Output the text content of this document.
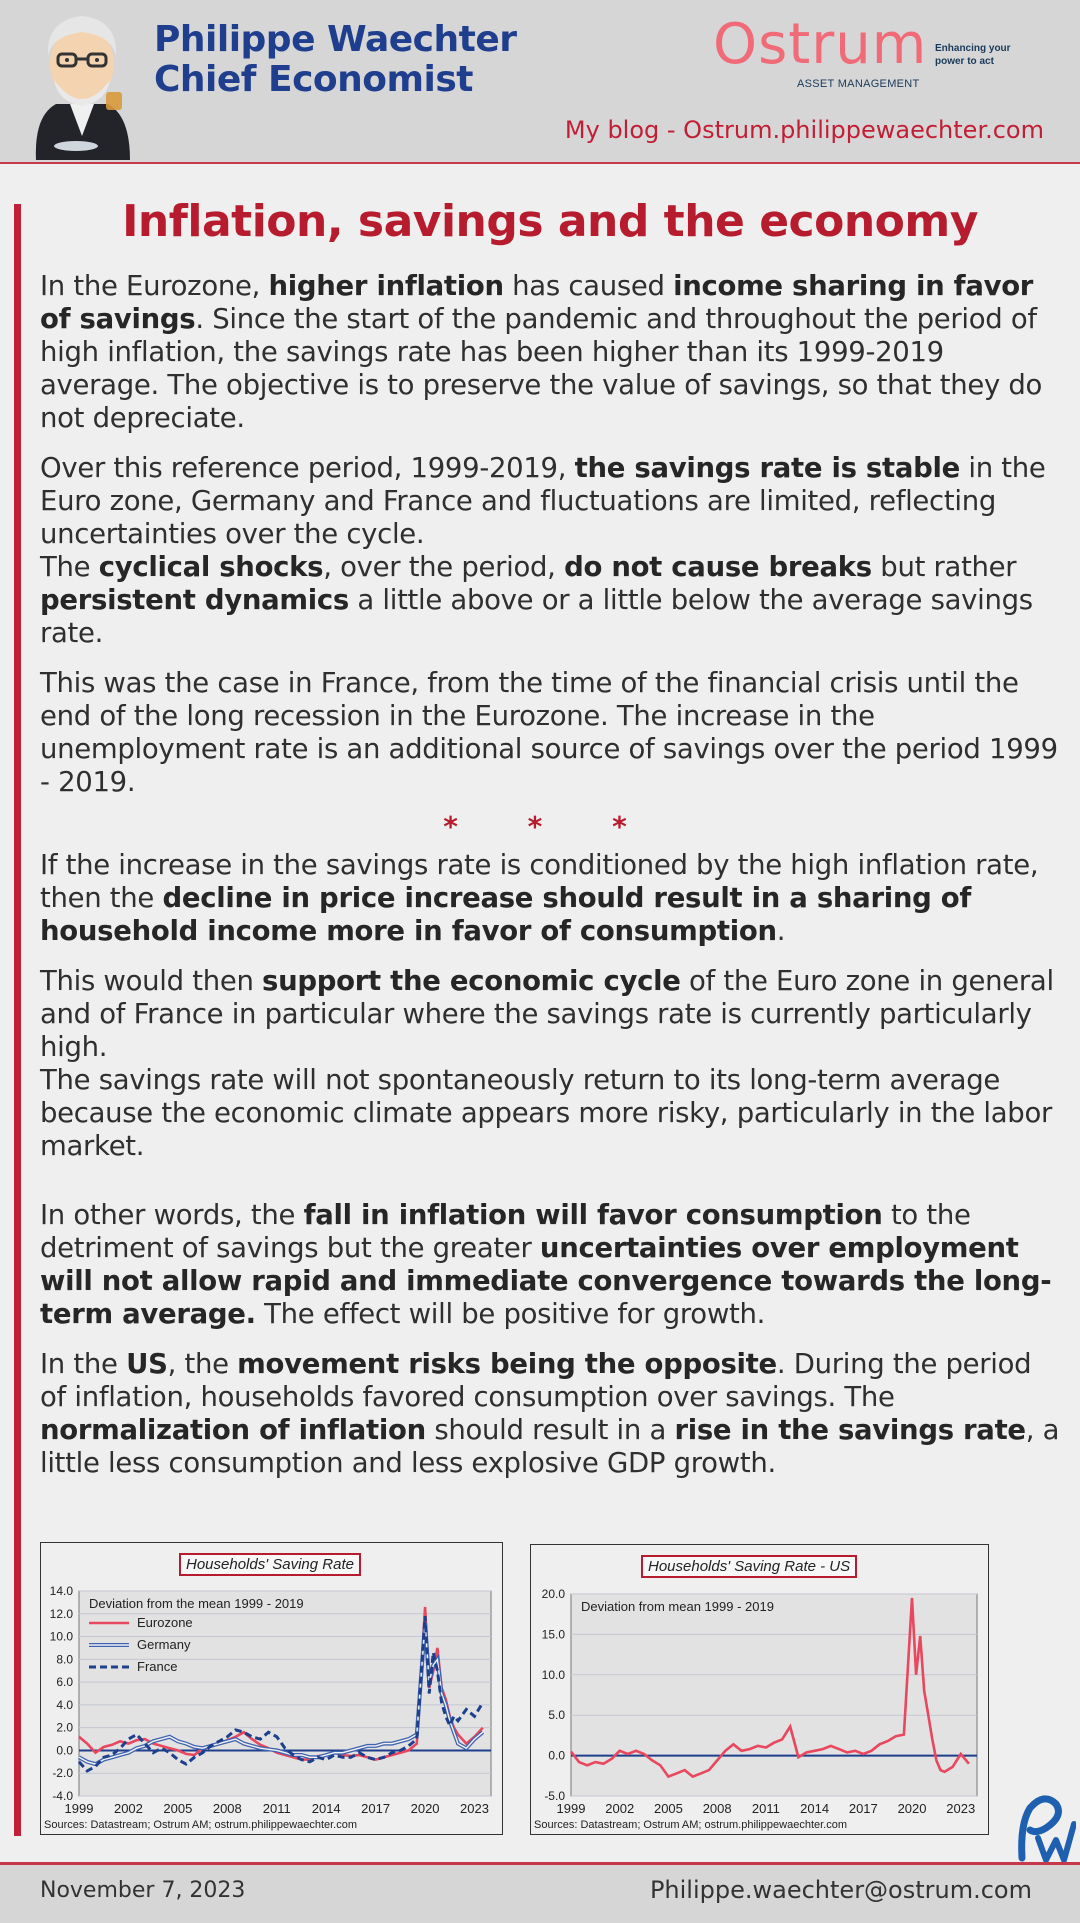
Philippe Waechter
Chief Economist
Ostrum
ASSET MANAGEMENT
Enhancing your power to act
My blog - Ostrum.philippewaechter.com
Inflation, savings and the economy

In the Eurozone, higher inflation has caused income sharing in favor of savings. Since the start of the pandemic and throughout the period of high inflation, the savings rate has been higher than its 1999-2019 average. The objective is to preserve the value of savings, so that they do not depreciate.

Over this reference period, 1999-2019, the savings rate is stable in the Euro zone, Germany and France and fluctuations are limited, reflecting uncertainties over the cycle.
The cyclical shocks, over the period, do not cause breaks but rather persistent dynamics a little above or a little below the average savings rate.

This was the case in France, from the time of the financial crisis until the end of the long recession in the Eurozone. The increase in the unemployment rate is an additional source of savings over the period 1999 - 2019.

* * *

If the increase in the savings rate is conditioned by the high inflation rate, then the decline in price increase should result in a sharing of household income more in favor of consumption.

This would then support the economic cycle of the Euro zone in general and of France in particular where the savings rate is currently particularly high.
The savings rate will not spontaneously return to its long-term average because the economic climate appears more risky, particularly in the labor market.

In other words, the fall in inflation will favor consumption to the detriment of savings but the greater uncertainties over employment will not allow rapid and immediate convergence towards the long-term average. The effect will be positive for growth.

In the US, the movement risks being the opposite. During the period of inflation, households favored consumption over savings. The normalization of inflation should result in a rise in the savings rate, a little less consumption and less explosive GDP growth.

14.0
12.0
10.0
8.0
6.0
4.0
2.0
0.0
-2.0
-4.0
1999 2002 2005 2008 2011 2014 2017 2020 2023
Deviation from the mean 1999 - 2019
Eurozone
Germany
France
Households' Saving Rate
Sources: Datastream; Ostrum AM; ostrum.philippewaechter.com
20.0
15.0
10.0
5.0
0.0
-5.0
1999 2002 2005 2008 2011 2014 2017 2020 2023
Deviation from mean 1999 - 2019
Households' Saving Rate - US
Sources: Datastream; Ostrum AM; ostrum.philippewaechter.com
November 7, 2023	Philippe.waechter@ostrum.com
